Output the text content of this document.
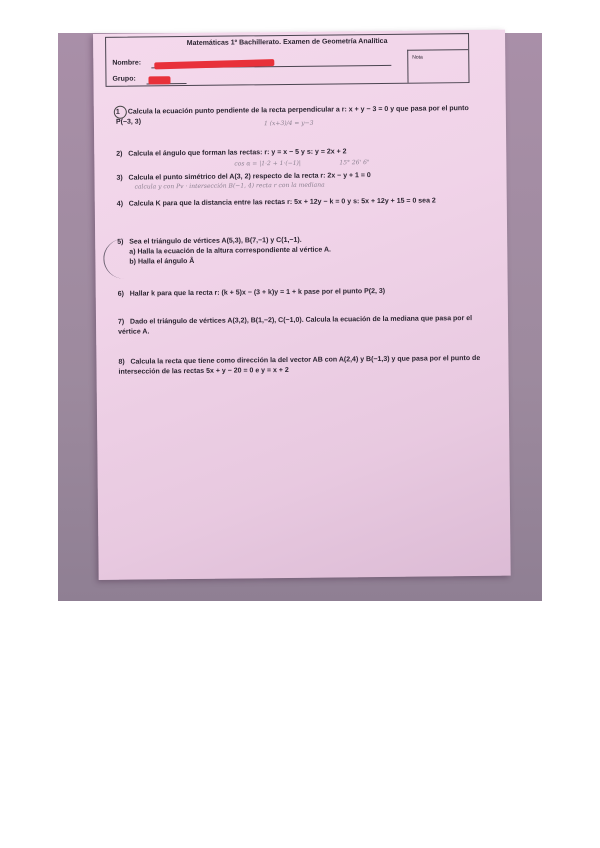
Matemáticas 1º Bachillerato. Examen de Geometría Analítica
Nombre:
Grupo:
Nota
1 Calcula la ecuación punto pendiente de la recta perpendicular a r: x + y − 3 = 0 y que pasa por el punto P(−3, 3)	1 (x+3)/4 = y−3
2) Calcula el ángulo que forman las rectas: r: y = x − 5 y s: y = 2x + 2
cos α = |1·2 + 1·(−1)|	15° 26' 6"
3) Calcula el punto simétrico del A(3, 2) respecto de la recta r: 2x − y + 1 = 0
calcula y con Pv · intersección B(−1, 4) recta r con la mediana
4) Calcula K para que la distancia entre las rectas r: 5x + 12y − k = 0 y s: 5x + 12y + 15 = 0 sea 2
5) Sea el triángulo de vértices A(5,3), B(7,−1) y C(1,−1).
a) Halla la ecuación de la altura correspondiente al vértice A.
b) Halla el ángulo Â
6) Hallar k para que la recta r: (k + 5)x − (3 + k)y = 1 + k pase por el punto P(2, 3)
7) Dado el triángulo de vértices A(3,2), B(1,−2), C(−1,0). Calcula la ecuación de la mediana que pasa por el vértice A.
8) Calcula la recta que tiene como dirección la del vector AB con A(2,4) y B(−1,3) y que pasa por el punto de intersección de las rectas 5x + y − 20 = 0 e y = x + 2
